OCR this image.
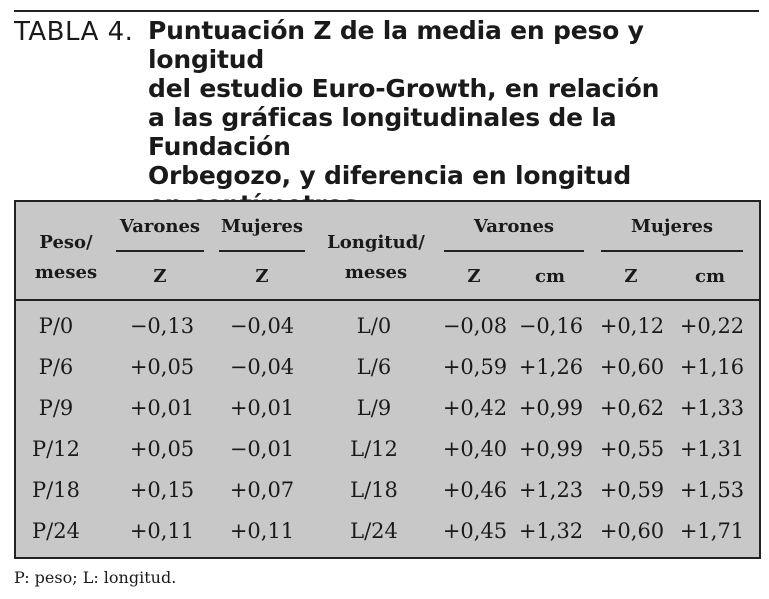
TABLA 4. Puntuación Z de la media en peso y longitud
del estudio Euro-Growth, en relación
a las gráficas longitudinales de la Fundación
Orbegozo, y diferencia en longitud
Peso/
meses
Varones
Z
Mujeres
Z
Longitud/
meses
Varones
Z	cm
Mujeres
Z	cm
P/0	−0,13	−0,04	L/0	−0,08 −0,16 +0,12 +0,22
P/6	+0,05	−0,04	L/6	+0,59 +1,26 +0,60 +1,16
P/9	+0,01	+0,01	L/9	+0,42 +0,99 +0,62 +1,33
P/12	+0,05	−0,01	L/12	+0,40 +0,99 +0,55 +1,31
P/18	+0,15	+0,07	L/18	+0,46 +1,23 +0,59 +1,53
P/24	+0,11	+0,11	L/24	+0,45 +1,32 +0,60 +1,71
P: peso; L: longitud.
